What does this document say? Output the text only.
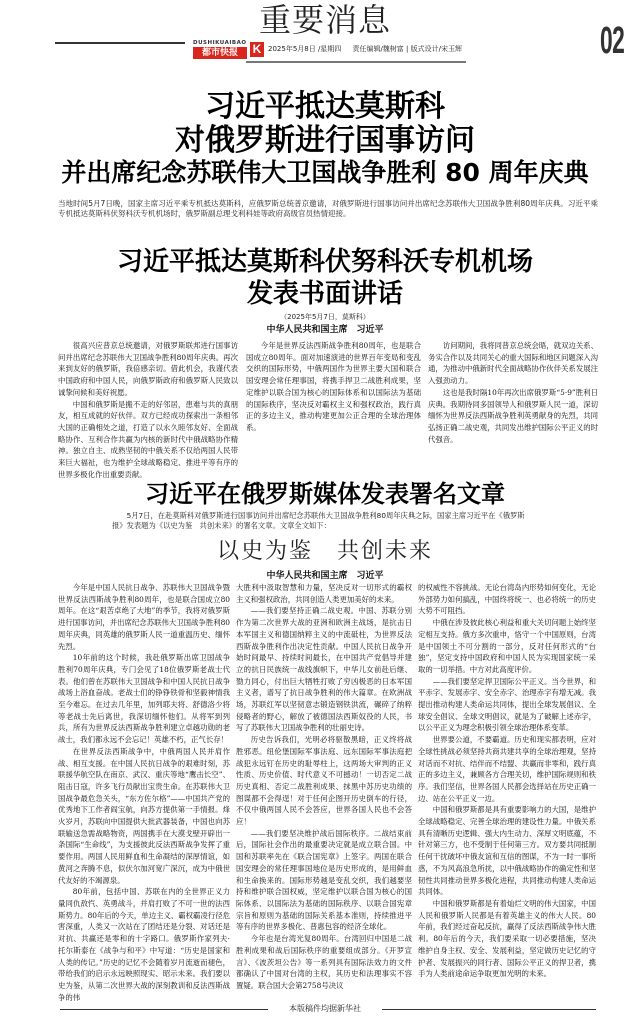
重要消息
DUSHIKUAIBAO
都市快报	K 2025年5月8日 /星期四 责任编辑/魏树富 | 版式设计/宋玉辉	02
习近平抵达莫斯科
对俄罗斯进行国事访问
并出席纪念苏联伟大卫国战争胜利 80 周年庆典
当地时间5月7日晚，国家主席习近平乘专机抵达莫斯科，应俄罗斯总统普京邀请，对俄罗斯进行国事访问并出席纪念苏联伟大卫国战争胜利80周年庆典。习近平乘专机抵达莫斯科伏努科沃专机机场时，俄罗斯副总理戈利科娃等政府高级官员热情迎接。
习近平抵达莫斯科伏努科沃专机机场
发表书面讲话
（2025年5月7日，莫斯科）
中华人民共和国主席　习近平

很高兴应普京总统邀请，对俄罗斯联邦进行国事访问并出席纪念苏联伟大卫国战争胜利80周年庆典。再次来到友好的俄罗斯，我倍感亲切。借此机会，我谨代表中国政府和中国人民，向俄罗斯政府和俄罗斯人民致以诚挚问候和美好祝愿。

中国和俄罗斯是搬不走的好邻居，患难与共的真朋友，相互成就的好伙伴。双方已经成功探索出一条相邻大国的正确相处之道，打造了以永久睦邻友好、全面战略协作、互利合作共赢为内核的新时代中俄战略协作精神。独立自主、成熟坚韧的中俄关系不仅给两国人民带来巨大福祉，也为维护全球战略稳定、推进平等有序的世界多极化作出重要贡献。

今年是世界反法西斯战争胜利80周年，也是联合国成立80周年。面对加速演进的世界百年变局和变乱交织的国际形势，中俄两国作为世界主要大国和联合国安理会常任理事国，将携手捍卫二战胜利成果，坚定维护以联合国为核心的国际体系和以国际法为基础的国际秩序，坚决反对霸权主义和强权政治，践行真正的多边主义，推动构建更加公正合理的全球治理体系。

访问期间，我将同普京总统会晤，就双边关系、务实合作以及共同关心的重大国际和地区问题深入沟通，为推动中俄新时代全面战略协作伙伴关系发展注入强劲动力。

这也是我时隔10年再次出席俄罗斯“5·9”胜利日庆典。我期待同多国领导人和俄罗斯人民一道，深切缅怀为世界反法西斯战争胜利英勇献身的先烈，共同弘扬正确二战史观，共同发出维护国际公平正义的时代强音。

习近平在俄罗斯媒体发表署名文章
5月7日，在赴莫斯科对俄罗斯进行国事访问并出席纪念苏联伟大卫国战争胜利80周年庆典之际，国家主席习近平在《俄罗斯报》发表题为《以史为鉴　共创未来》的署名文章。文章全文如下：
以史为鉴　共创未来
中华人民共和国主席　习近平

今年是中国人民抗日战争、苏联伟大卫国战争暨世界反法西斯战争胜利80周年，也是联合国成立80周年。在这“艰苦卓绝了大地”的季节，我将对俄罗斯进行国事访问，并出席纪念苏联伟大卫国战争胜利80周年庆典，同英雄的俄罗斯人民一道重温历史、缅怀先烈。

10年前的这个时候，我赴俄罗斯出席卫国战争胜利70周年庆典，专门会见了18位俄罗斯老战士代表。他们曾在苏联伟大卫国战争和中国人民抗日战争战场上浴血奋战。老战士们的铮铮铁骨和坚毅神情我至今难忘。在过去几年里，加列耶夫将、舒德洛少将等老战士先后离世，我深切缅怀他们。从将军到列兵，所有为世界反法西斯战争胜利建立卓越功勋的老战士，我们都永远不会忘记！英雄不朽，正气长存！

在世界反法西斯战争中，中俄两国人民并肩作战、相互支援。在中国人民抗日战争的艰难时刻，苏联援华航空队在南京、武汉、重庆等地“鹰击长空”、阻击日寇，许多飞行员献出宝贵生命。在苏联伟大卫国战争最危急关头，“东方佐尔格”——中国共产党的优秀地下工作者阎宝航，向苏方提供第一手情报。烽火岁月，苏联向中国提供大批武器装备，中国也向苏联输送急需战略物资，两国携手在大漠戈壁开辟出一条国际“生命线”，为支援彼此反法西斯战争发挥了重要作用。两国人民用鲜血和生命凝结的深厚情谊，如黄河之奔腾不息，似伏尔加河宽广深沉，成为中俄世代友好的不竭源泉。

80年前，包括中国、苏联在内的全世界正义力量同仇敌忾、英勇战斗，并肩打败了不可一世的法西斯势力。80年后的今天，单边主义、霸权霸凌行径危害深重，人类又一次站在了团结还是分裂、对话还是对抗、共赢还是零和的十字路口。俄罗斯作家列夫·托尔斯泰在《战争与和平》中写道：“历史是国家和人类的传记。”历史的记忆不会随着岁月流逝而褪色，带给我们的启示永远映照现实、昭示未来。我们要以史为鉴，从第二次世界大战的深刻教训和反法西斯战争的伟

大胜利中汲取智慧和力量，坚决反对一切形式的霸权主义和强权政治，共同创造人类更加美好的未来。

——我们要坚持正确二战史观。中国、苏联分别作为第二次世界大战的亚洲和欧洲主战场，是抗击日本军国主义和德国纳粹主义的中流砥柱，为世界反法西斯战争胜利作出决定性贡献。中国人民抗日战争开始时间最早、持续时间最长，在中国共产党倡导并建立的抗日民族统一战线旗帜下，中华儿女前赴后继、勠力同心，付出巨大牺牲打败了穷凶极恶的日本军国主义者，谱写了抗日战争胜利的伟大篇章。在欧洲战场，苏联红军以坚韧意志锻造钢铁洪流，碾碎了纳粹侵略者的野心，解放了被德国法西斯奴役的人民，书写了苏联伟大卫国战争胜利的壮丽史诗。

历史告诉我们，光明必将驱散黑暗，正义终将战胜邪恶。纽伦堡国际军事法庭、远东国际军事法庭把战犯永远钉在历史的耻辱柱上，这两场大审判的正义性质、历史价值、时代意义不可撼动！一切否定二战历史真相、否定二战胜利成果、抹黑中苏历史功绩的图谋都不会得逞！对于任何企图开历史倒车的行径，不仅中俄两国人民不会答应，世界各国人民也不会答应！

——我们要坚决维护战后国际秩序。二战结束前后，国际社会作出的最重要决定就是成立联合国。中国和苏联率先在《联合国宪章》上签字。两国在联合国安理会的常任理事国地位是历史形成的，是用鲜血和生命换来的。国际形势越是变乱交织，我们越要坚持和维护联合国权威，坚定维护以联合国为核心的国际体系、以国际法为基础的国际秩序、以联合国宪章宗旨和原则为基础的国际关系基本准则，持续推进平等有序的世界多极化、普惠包容的经济全球化。

今年也是台湾光复80周年。台湾回归中国是二战胜利成果和战后国际秩序的重要组成部分。《开罗宣言》、《波茨坦公告》等一系列具有国际法效力的文件都确认了中国对台湾的主权，其历史和法理事实不容置疑。联合国大会第2758号决议

的权威性不容挑战。无论台湾岛内形势如何变化，无论外部势力如何搞乱，中国终将统一、也必将统一的历史大势不可阻挡。

中俄在涉及彼此核心利益和重大关切问题上始终坚定相互支持。俄方多次重申，恪守一个中国原则，台湾是中国领土不可分割的一部分，反对任何形式的“台独”，坚定支持中国政府和中国人民为实现国家统一采取的一切举措。中方对此高度评价。

——我们要坚定捍卫国际公平正义。当今世界，和平赤字、发展赤字、安全赤字、治理赤字有增无减。我提出推动构建人类命运共同体，提出全球发展倡议、全球安全倡议、全球文明倡议，就是为了破解上述赤字，以公平正义为理念积极引领全球治理体系变革。

世界要公道，不要霸道。历史和现实都表明，应对全球性挑战必须坚持共商共建共享的全球治理观，坚持对话而不对抗、结伴而不结盟、共赢而非零和，践行真正的多边主义，兼顾各方合理关切，维护国际规则和秩序。我们坚信，世界各国人民都会选择站在历史正确一边、站在公平正义一边。

中国和俄罗斯都是具有重要影响力的大国，是维护全球战略稳定、完善全球治理的建设性力量。中俄关系具有清晰历史逻辑、强大内生动力、深厚文明底蕴，不针对第三方，也不受制于任何第三方。双方要共同抵制任何干扰破坏中俄友谊和互信的图谋，不为一时一事所惑，不为风高浪急所扰，以中俄战略协作的确定性和坚韧性共同推动世界多极化进程，共同推动构建人类命运共同体。

中国和俄罗斯都是有着灿烂文明的伟大国家，中国人民和俄罗斯人民都是有着英雄主义的伟大人民。80年前，我们经过奋起反抗，赢得了反法西斯战争伟大胜利。80年后的今天，我们要采取一切必要措施，坚决维护自身主权、安全、发展利益，坚定做历史记忆的守护者、发展振兴的同行者、国际公平正义的捍卫者，携手为人类前途命运争取更加光明的未来。

本版稿件均据新华社
